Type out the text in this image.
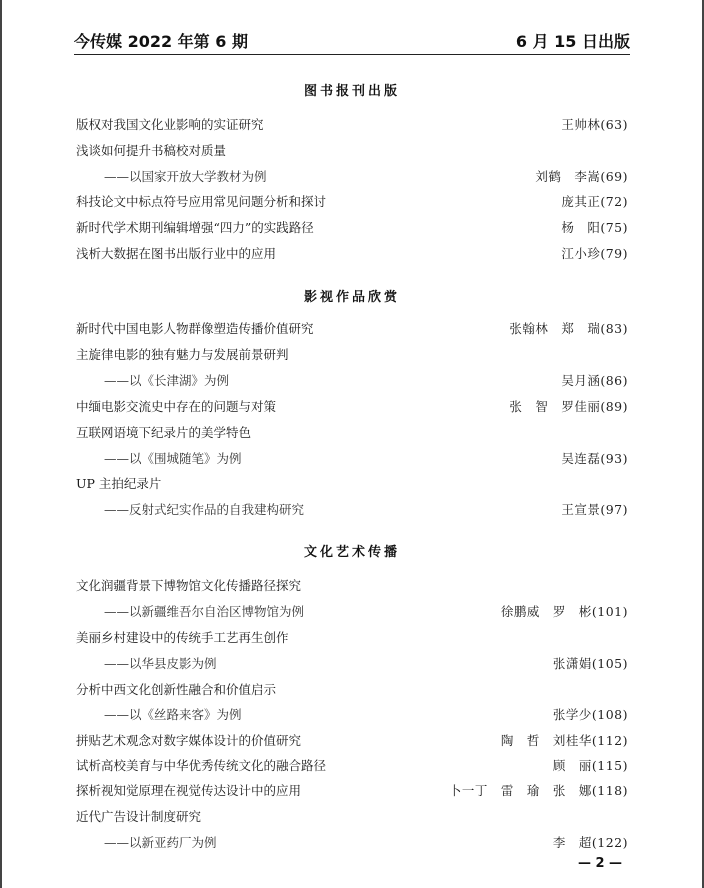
今传媒 2022 年第 6 期	6 月 15 日出版
图书报刊出版
版权对我国文化业影响的实证研究	王帅林(63)
浅谈如何提升书稿校对质量
——以国家开放大学教材为例	刘鹤　李嵩(69)
科技论文中标点符号应用常见问题分析和探讨	庞其正(72)
新时代学术期刊编辑增强“四力”的实践路径	杨　阳(75)
浅析大数据在图书出版行业中的应用	江小珍(79)
影视作品欣赏
新时代中国电影人物群像塑造传播价值研究	张翰林　郑　瑞(83)
主旋律电影的独有魅力与发展前景研判
——以《长津湖》为例	吴月涵(86)
中缅电影交流史中存在的问题与对策	张　智　罗佳丽(89)
互联网语境下纪录片的美学特色
——以《围城随笔》为例	吴连磊(93)
UP 主拍纪录片
——反射式纪实作品的自我建构研究	王宣景(97)
文化艺术传播
文化润疆背景下博物馆文化传播路径探究
——以新疆维吾尔自治区博物馆为例	徐鹏威　罗　彬(101)
美丽乡村建设中的传统手工艺再生创作
——以华县皮影为例	张潇娟(105)
分析中西文化创新性融合和价值启示
——以《丝路来客》为例	张学少(108)
拼贴艺术观念对数字媒体设计的价值研究	陶　哲　刘桂华(112)
试析高校美育与中华优秀传统文化的融合路径	顾　丽(115)
探析视知觉原理在视觉传达设计中的应用	卜一丁　雷　瑜　张　娜(118)
近代广告设计制度研究
——以新亚药厂为例	李　超(122)
— 2 —
